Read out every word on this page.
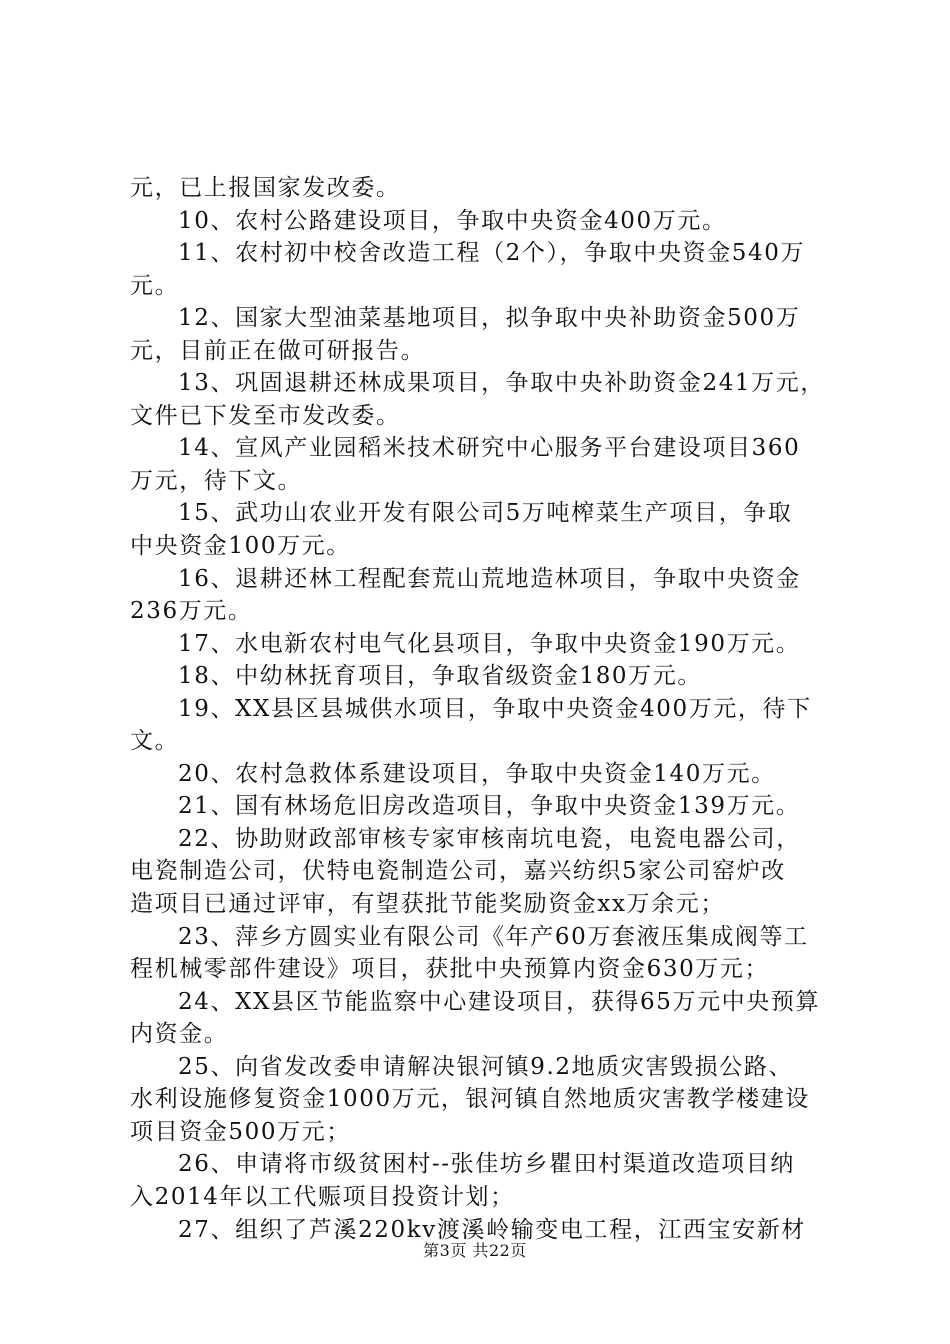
元，已上报国家发改委。
10、农村公路建设项目，争取中央资金400万元。
11、农村初中校舍改造工程（2个），争取中央资金540万
元。
12、国家大型油菜基地项目，拟争取中央补助资金500万
元，目前正在做可研报告。
13、巩固退耕还林成果项目，争取中央补助资金241万元，
文件已下发至市发改委。
14、宣风产业园稻米技术研究中心服务平台建设项目360
万元，待下文。
15、武功山农业开发有限公司5万吨榨菜生产项目，争取
中央资金100万元。
16、退耕还林工程配套荒山荒地造林项目，争取中央资金
236万元。
17、水电新农村电气化县项目，争取中央资金190万元。
18、中幼林抚育项目，争取省级资金180万元。
19、XX县区县城供水项目，争取中央资金400万元，待下
文。
20、农村急救体系建设项目，争取中央资金140万元。
21、国有林场危旧房改造项目，争取中央资金139万元。
22、协助财政部审核专家审核南坑电瓷，电瓷电器公司，
电瓷制造公司，伏特电瓷制造公司，嘉兴纺织5家公司窑炉改
造项目已通过评审，有望获批节能奖励资金xx万余元；
23、萍乡方圆实业有限公司《年产60万套液压集成阀等工
程机械零部件建设》项目，获批中央预算内资金630万元；
24、XX县区节能监察中心建设项目，获得65万元中央预算
内资金。
25、向省发改委申请解决银河镇9.2地质灾害毁损公路、
水利设施修复资金1000万元，银河镇自然地质灾害教学楼建设
项目资金500万元；
26、申请将市级贫困村--张佳坊乡瞿田村渠道改造项目纳
入2014年以工代赈项目投资计划；
27、组织了芦溪220kv渡溪岭输变电工程，江西宝安新材
第3页 共22页
